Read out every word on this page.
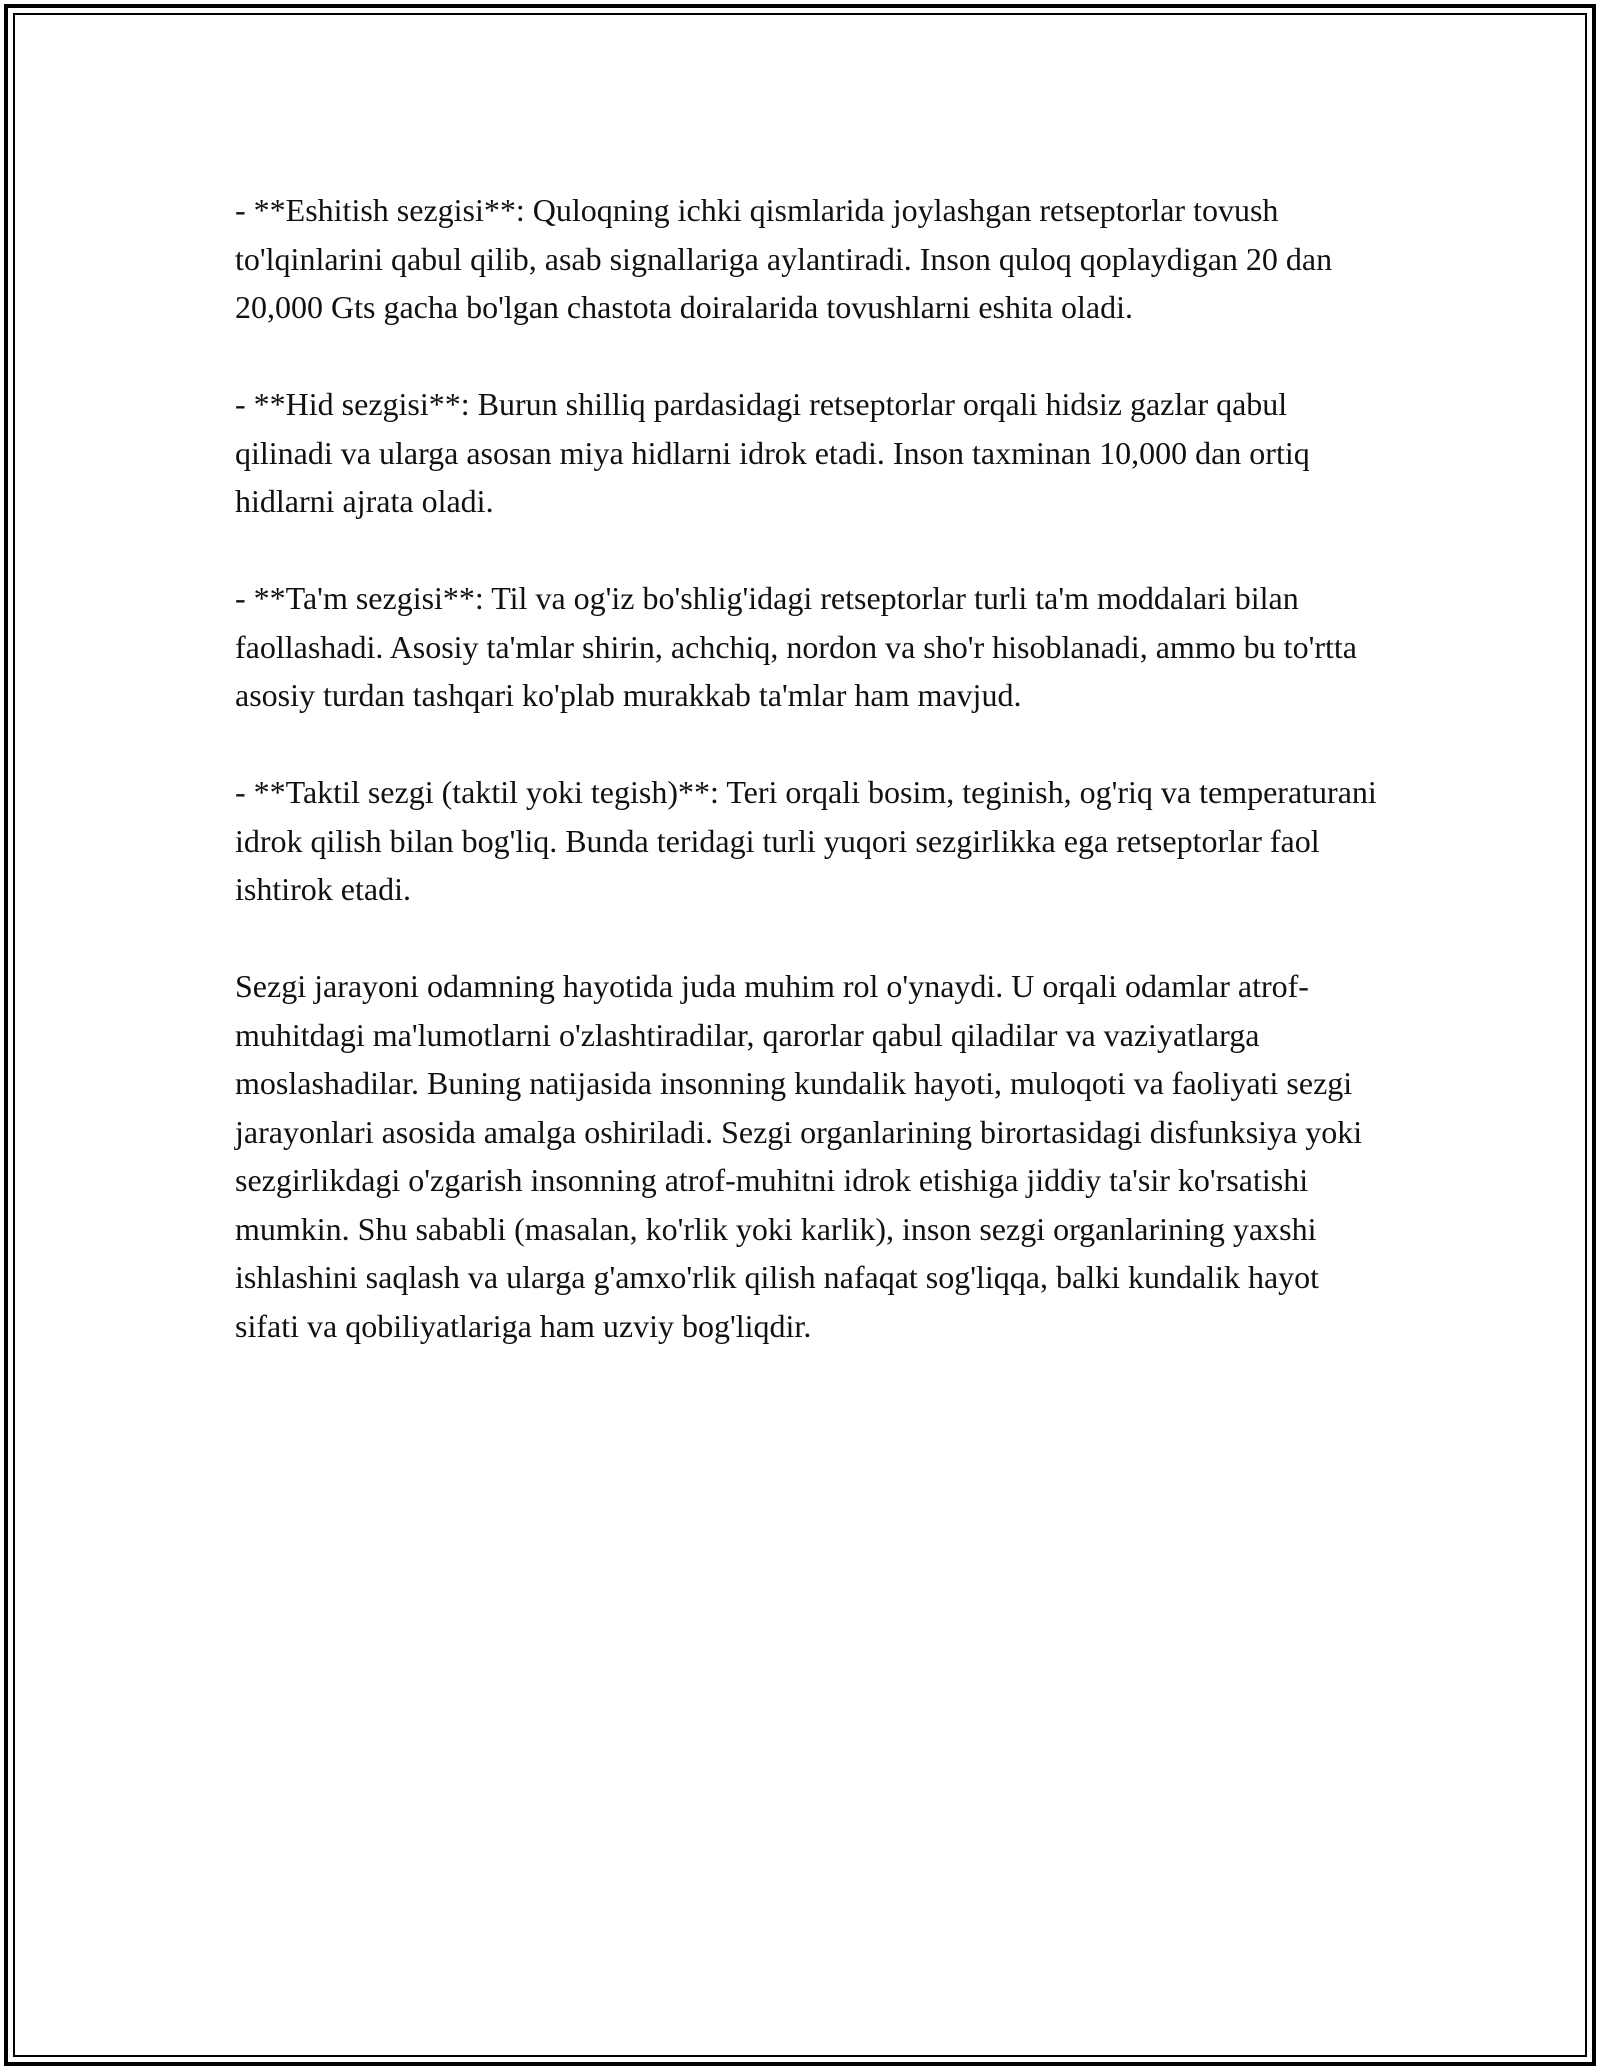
- **Eshitish sezgisi**: Quloqning ichki qismlarida joylashgan retseptorlar tovush to'lqinlarini qabul qilib, asab signallariga aylantiradi. Inson quloq qoplaydigan 20 dan 20,000 Gts gacha bo'lgan chastota doiralarida tovushlarni eshita oladi.

- **Hid sezgisi**: Burun shilliq pardasidagi retseptorlar orqali hidsiz gazlar qabul qilinadi va ularga asosan miya hidlarni idrok etadi. Inson taxminan 10,000 dan ortiq hidlarni ajrata oladi.

- **Ta'm sezgisi**: Til va og'iz bo'shlig'idagi retseptorlar turli ta'm moddalari bilan faollashadi. Asosiy ta'mlar shirin, achchiq, nordon va sho'r hisoblanadi, ammo bu to'rtta asosiy turdan tashqari ko'plab murakkab ta'mlar ham mavjud.

- **Taktil sezgi (taktil yoki tegish)**: Teri orqali bosim, teginish, og'riq va temperaturani idrok qilish bilan bog'liq. Bunda teridagi turli yuqori sezgirlikka ega retseptorlar faol ishtirok etadi.

Sezgi jarayoni odamning hayotida juda muhim rol o'ynaydi. U orqali odamlar atrof-muhitdagi ma'lumotlarni o'zlashtiradilar, qarorlar qabul qiladilar va vaziyatlarga moslashadilar. Buning natijasida insonning kundalik hayoti, muloqoti va faoliyati sezgi jarayonlari asosida amalga oshiriladi. Sezgi organlarining birortasidagi disfunksiya yoki sezgirlikdagi o'zgarish insonning atrof-muhitni idrok etishiga jiddiy ta'sir ko'rsatishi mumkin. Shu sababli (masalan, ko'rlik yoki karlik), inson sezgi organlarining yaxshi ishlashini saqlash va ularga g'amxo'rlik qilish nafaqat sog'liqqa, balki kundalik hayot sifati va qobiliyatlariga ham uzviy bog'liqdir.
